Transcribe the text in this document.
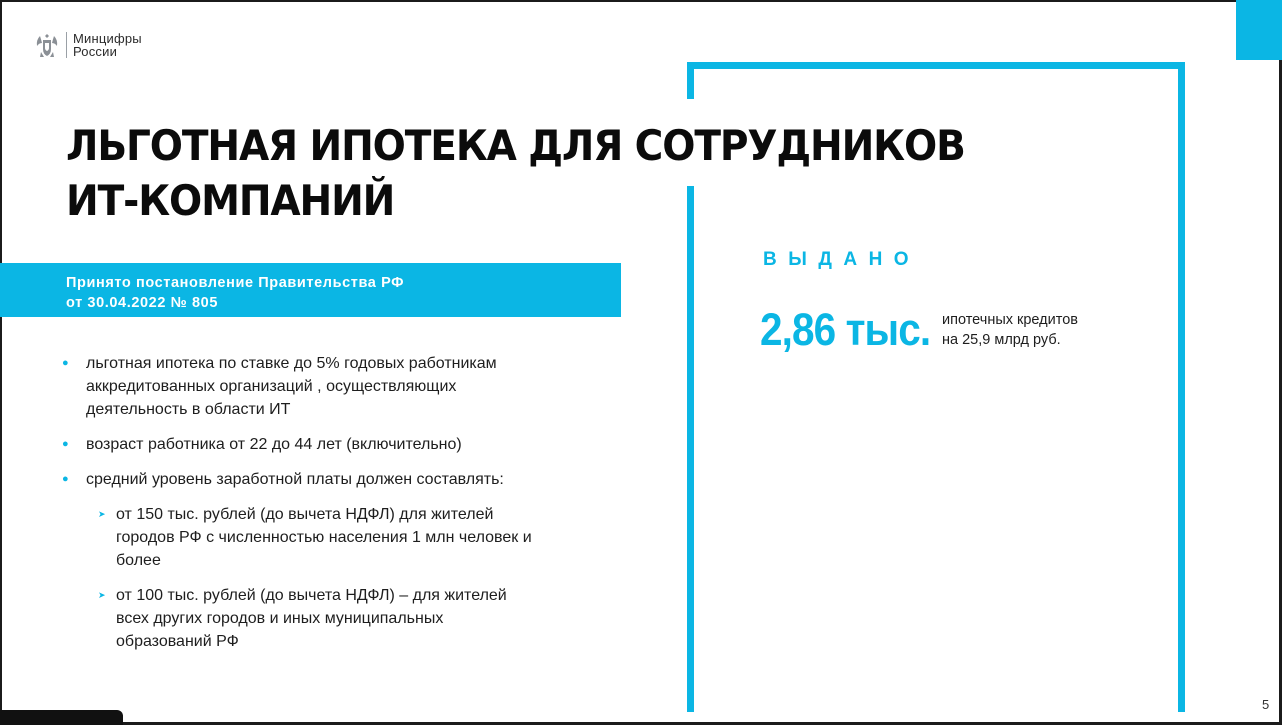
Минцифры
России
ЛЬГОТНАЯ ИПОТЕКА ДЛЯ СОТРУДНИКОВ
ИТ-КОМПАНИЙ
Принято постановление Правительства РФ
от 30.04.2022 № 805
● льготная ипотека по ставке до 5% годовых работникам
аккредитованных организаций , осуществляющих
деятельность в области ИТ
● возраст работника от 22 до 44 лет (включительно)
● средний уровень заработной платы должен составлять:
➤ от 150 тыс. рублей (до вычета НДФЛ) для жителей
городов РФ с численностью населения 1 млн человек и
более
➤ от 100 тыс. рублей (до вычета НДФЛ) – для жителей
всех других городов и иных муниципальных
образований РФ
ВЫДАНО
2,86 тыс. ипотечных кредитов
на 25,9 млрд руб.
5
